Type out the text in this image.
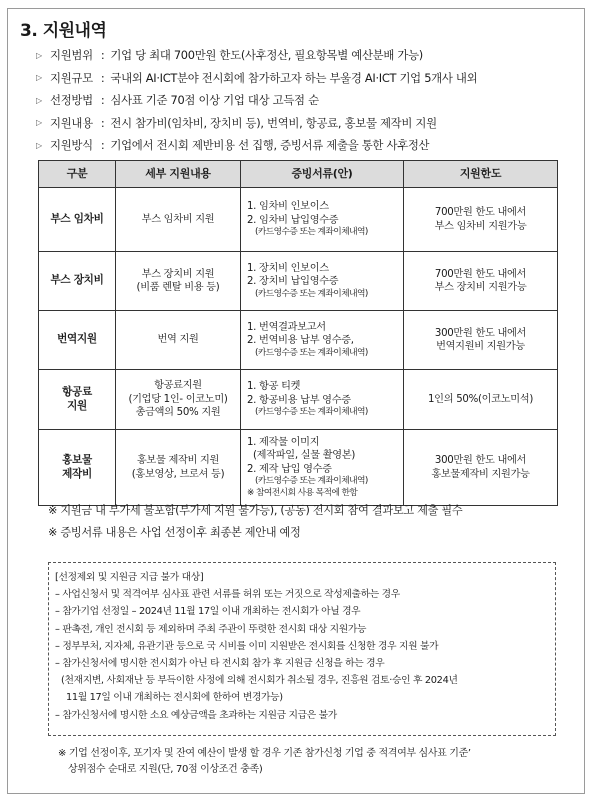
3. 지원내역
▷ 지원범위 : 기업 당 최대 700만원 한도(사후정산, 필요항목별 예산분배 가능)
▷ 지원규모 : 국내외 AI·ICT분야 전시회에 참가하고자 하는 부울경 AI·ICT 기업 5개사 내외
▷ 선정방법 : 심사표 기준 70점 이상 기업 대상 고득점 순
▷ 지원내용 : 전시 참가비(임차비, 장치비 등), 번역비, 항공료, 홍보물 제작비 지원
▷ 지원방식 : 기업에서 전시회 제반비용 선 집행, 증빙서류 제출을 통한 사후정산
구분	세부 지원내용	증빙서류(안)	지원한도

부스 임차비	부스 임차비 지원	1. 임차비 인보이스
2. 임차비 납입영수증
(카드영수증 또는 계좌이체내역)	700만원 한도 내에서
부스 임차비 지원가능

부스 장치비	부스 장치비 지원
(비품 렌탈 비용 등)	1. 장치비 인보이스
2. 장치비 납입영수증
(카드영수증 또는 계좌이체내역)	700만원 한도 내에서
부스 장치비 지원가능

번역지원	번역 지원	1. 번역결과보고서
2. 번역비용 납부 영수증,
(카드영수증 또는 계좌이체내역)	300만원 한도 내에서
번역지원비 지원가능

항공료
지원	항공료지원
(기업당 1인- 이코노미)
총금액의 50% 지원	1. 항공 티켓
2. 항공비용 납부 영수증
(카드영수증 또는 계좌이체내역)	1인의 50%(이코노미석)

홍보물
제작비	홍보물 제작비 지원
(홍보영상, 브로셔 등)	1. 제작물 이미지
(제작파일, 실물 촬영본)
2. 제작 납입 영수증
(카드영수증 또는 계좌이체내역)
※ 참여전시회 사용 목적에 한함	300만원 한도 내에서
홍보물제작비 지원가능
※ 지원금 내 부가세 불포함(부가세 지원 불가능), (공동) 전시회 참여 결과보고 제출 필수
※ 증빙서류 내용은 사업 선정이후 최종본 제안내 예정
[선정제외 및 지원금 지급 불가 대상]
– 사업신청서 및 적격여부 심사표 관련 서류를 허위 또는 거짓으로 작성제출하는 경우
– 참가기업 선정일 – 2024년 11월 17일 이내 개최하는 전시회가 아닐 경우
– 판촉전, 개인 전시회 등 제외하며 주최 주관이 뚜렷한 전시회 대상 지원가능
– 정부부처, 지자체, 유관기관 등으로 국 시비를 이미 지원받은 전시회를 신청한 경우 지원 불가
– 참가신청서에 명시한 전시회가 아닌 타 전시회 참가 후 지원금 신청을 하는 경우
(천재지변, 사회재난 등 부득이한 사정에 의해 전시회가 취소될 경우, 진흥원 검토·승인 후 2024년
11월 17일 이내 개최하는 전시회에 한하여 변경가능)
– 참가신청서에 명시한 소요 예상금액을 초과하는 지원금 지급은 불가
※ 기업 선정이후, 포기자 및 잔여 예산이 발생 할 경우 기존 참가신청 기업 중 적격여부 심사표 기준’
상위점수 순대로 지원(단, 70점 이상조건 충족)
